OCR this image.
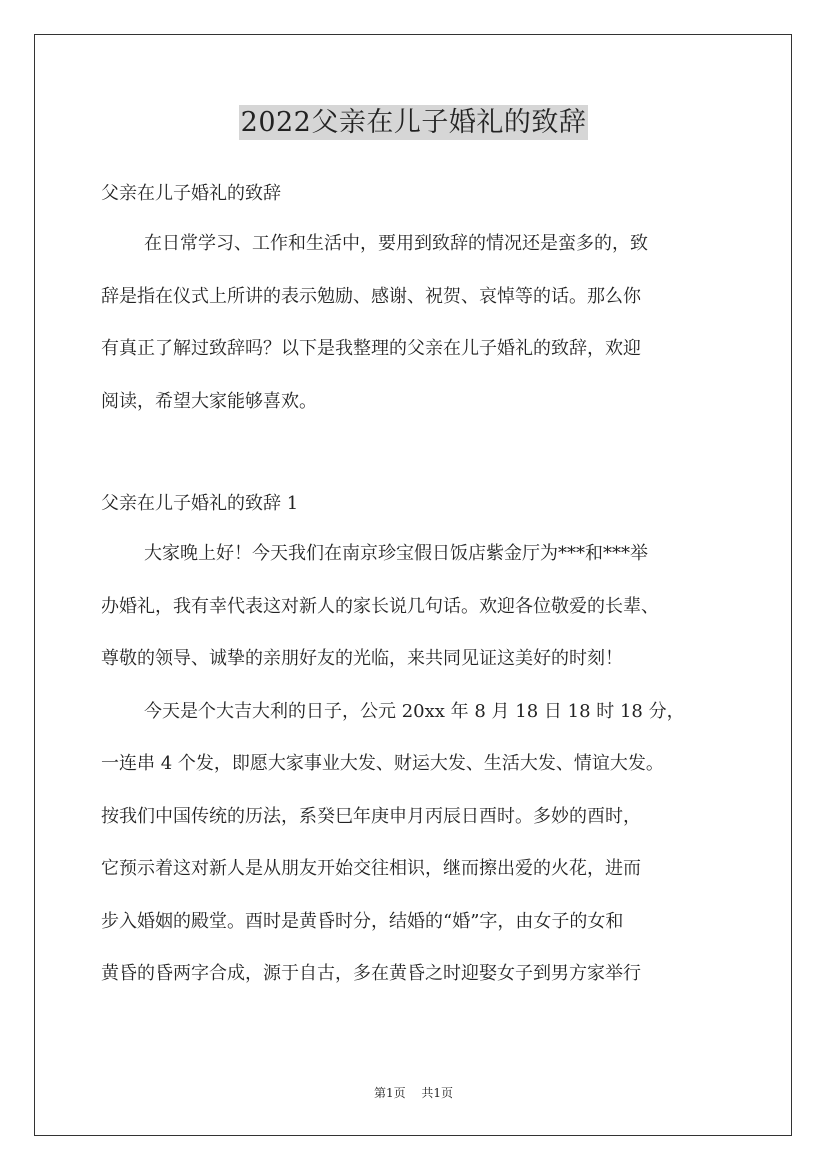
2022父亲在儿子婚礼的致辞
父亲在儿子婚礼的致辞
在日常学习、工作和生活中，要用到致辞的情况还是蛮多的，致
辞是指在仪式上所讲的表示勉励、感谢、祝贺、哀悼等的话。那么你
有真正了解过致辞吗？以下是我整理的父亲在儿子婚礼的致辞，欢迎
阅读，希望大家能够喜欢。
父亲在儿子婚礼的致辞 1
大家晚上好！今天我们在南京珍宝假日饭店紫金厅为***和***举
办婚礼，我有幸代表这对新人的家长说几句话。欢迎各位敬爱的长辈、
尊敬的领导、诚挚的亲朋好友的光临，来共同见证这美好的时刻！
今天是个大吉大利的日子，公元 20xx 年 8 月 18 日 18 时 18 分，
一连串 4 个发，即愿大家事业大发、财运大发、生活大发、情谊大发。
按我们中国传统的历法，系癸巳年庚申月丙辰日酉时。多妙的酉时，
它预示着这对新人是从朋友开始交往相识，继而擦出爱的火花，进而
步入婚姻的殿堂。酉时是黄昏时分，结婚的“婚”字，由女子的女和
黄昏的昏两字合成，源于自古，多在黄昏之时迎娶女子到男方家举行
第1页 共1页
